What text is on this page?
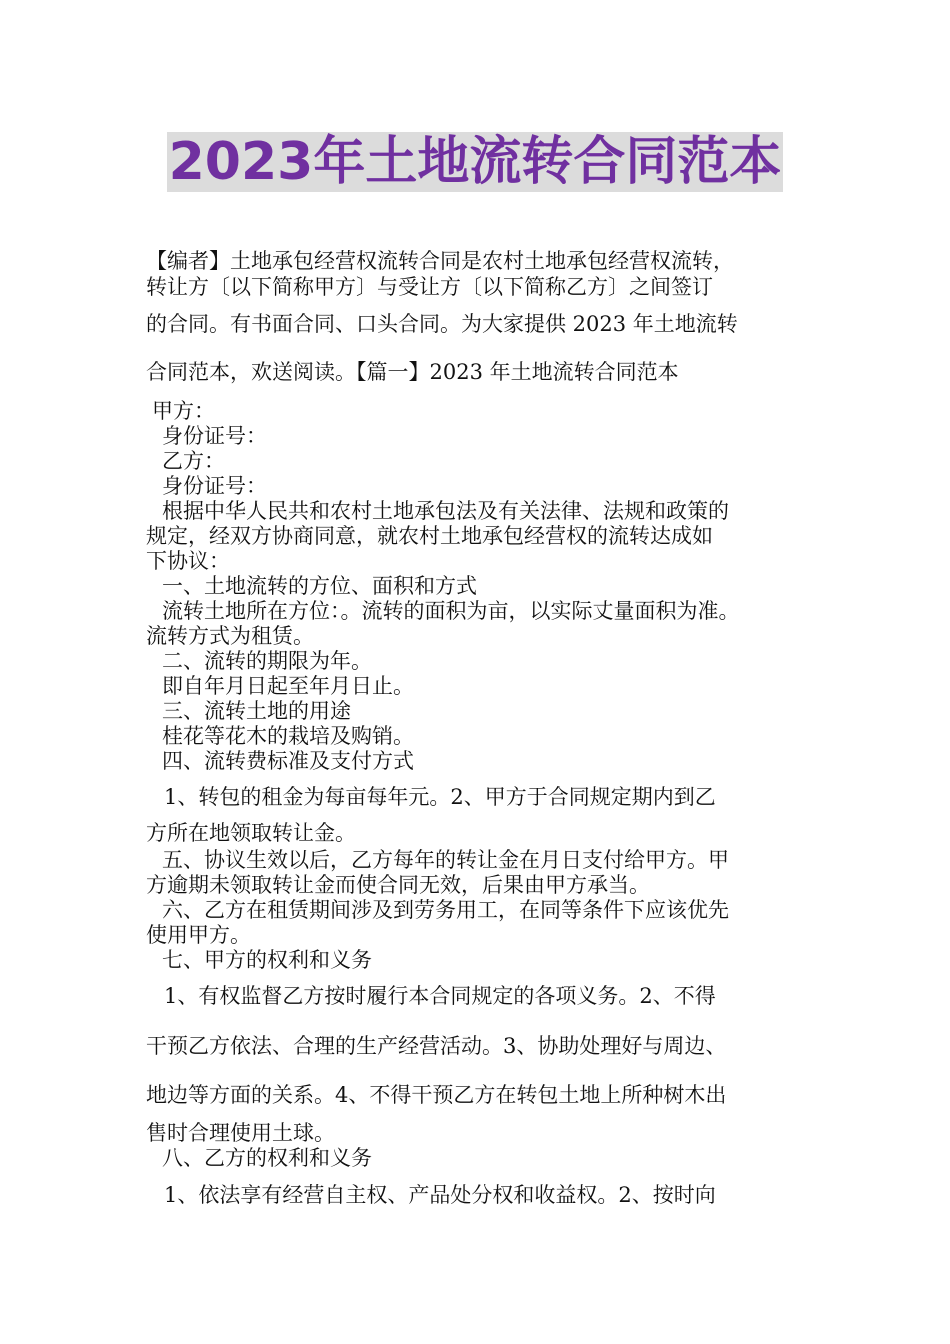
2023年土地流转合同范本
【编者】土地承包经营权流转合同是农村土地承包经营权流转，
转让方〔以下简称甲方〕与受让方〔以下简称乙方〕之间签订
的合同。有书面合同、口头合同。为大家提供 2023 年土地流转
合同范本，欢送阅读。【篇一】2023 年土地流转合同范本
甲方：
身份证号：
乙方：
身份证号：
根据中华人民共和农村土地承包法及有关法律、法规和政策的
规定，经双方协商同意，就农村土地承包经营权的流转达成如
下协议：
一、土地流转的方位、面积和方式
流转土地所在方位：。流转的面积为亩，以实际丈量面积为准。
流转方式为租赁。
二、流转的期限为年。
即自年月日起至年月日止。
三、流转土地的用途
桂花等花木的栽培及购销。
四、流转费标准及支付方式
1、转包的租金为每亩每年元。2、甲方于合同规定期内到乙
方所在地领取转让金。
五、协议生效以后，乙方每年的转让金在月日支付给甲方。甲
方逾期未领取转让金而使合同无效，后果由甲方承当。
六、乙方在租赁期间涉及到劳务用工，在同等条件下应该优先
使用甲方。
七、甲方的权利和义务
1、有权监督乙方按时履行本合同规定的各项义务。2、不得
干预乙方依法、合理的生产经营活动。3、协助处理好与周边、
地边等方面的关系。4、不得干预乙方在转包土地上所种树木出
售时合理使用土球。
八、乙方的权利和义务
1、依法享有经营自主权、产品处分权和收益权。2、按时向
